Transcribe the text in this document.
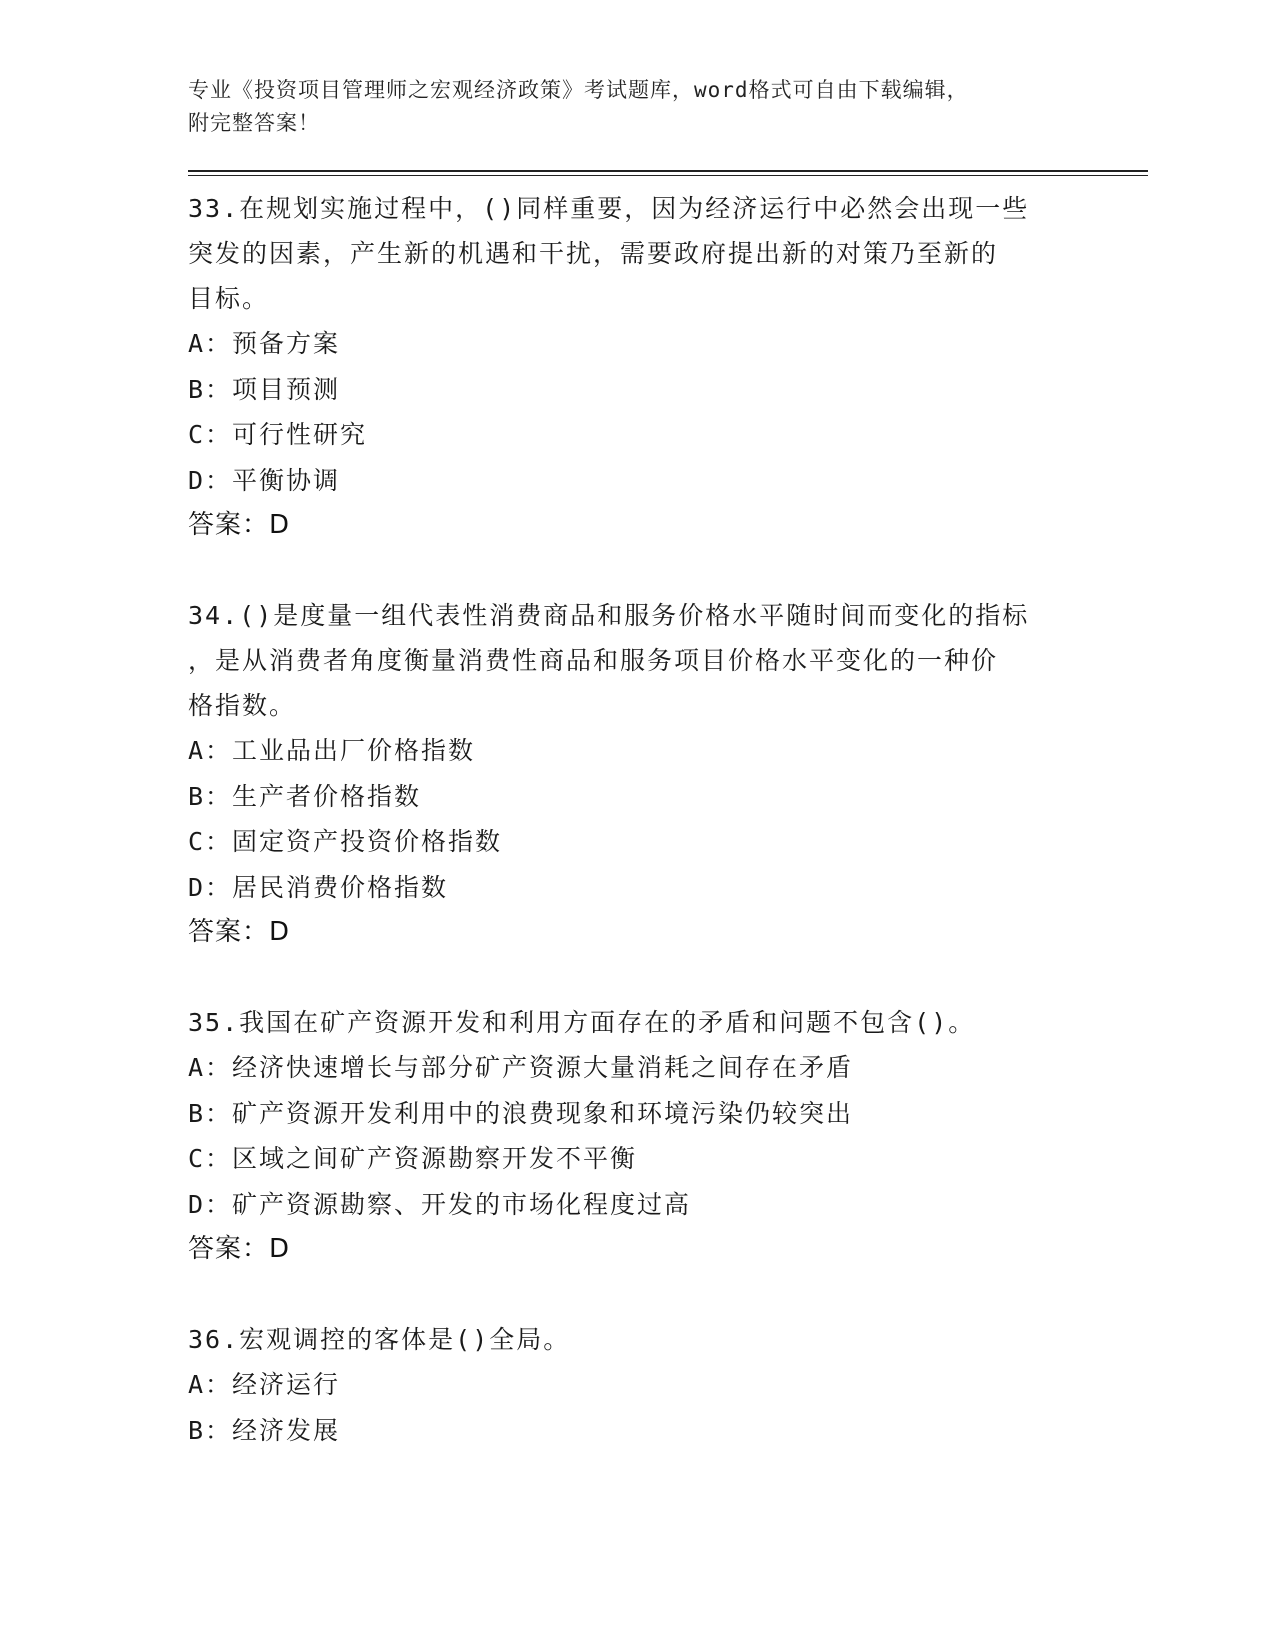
专业《投资项目管理师之宏观经济政策》考试题库，word格式可自由下载编辑，
附完整答案！

33.在规划实施过程中，()同样重要，因为经济运行中必然会出现一些

突发的因素，产生新的机遇和干扰，需要政府提出新的对策乃至新的

目标。

A：预备方案

B：项目预测

C：可行性研究

D：平衡协调

答案：D

34.()是度量一组代表性消费商品和服务价格水平随时间而变化的指标

，是从消费者角度衡量消费性商品和服务项目价格水平变化的一种价

格指数。

A：工业品出厂价格指数

B：生产者价格指数

C：固定资产投资价格指数

D：居民消费价格指数

答案：D

35.我国在矿产资源开发和利用方面存在的矛盾和问题不包含()。

A：经济快速增长与部分矿产资源大量消耗之间存在矛盾

B：矿产资源开发利用中的浪费现象和环境污染仍较突出

C：区域之间矿产资源勘察开发不平衡

D：矿产资源勘察、开发的市场化程度过高

答案：D

36.宏观调控的客体是()全局。

A：经济运行

B：经济发展
